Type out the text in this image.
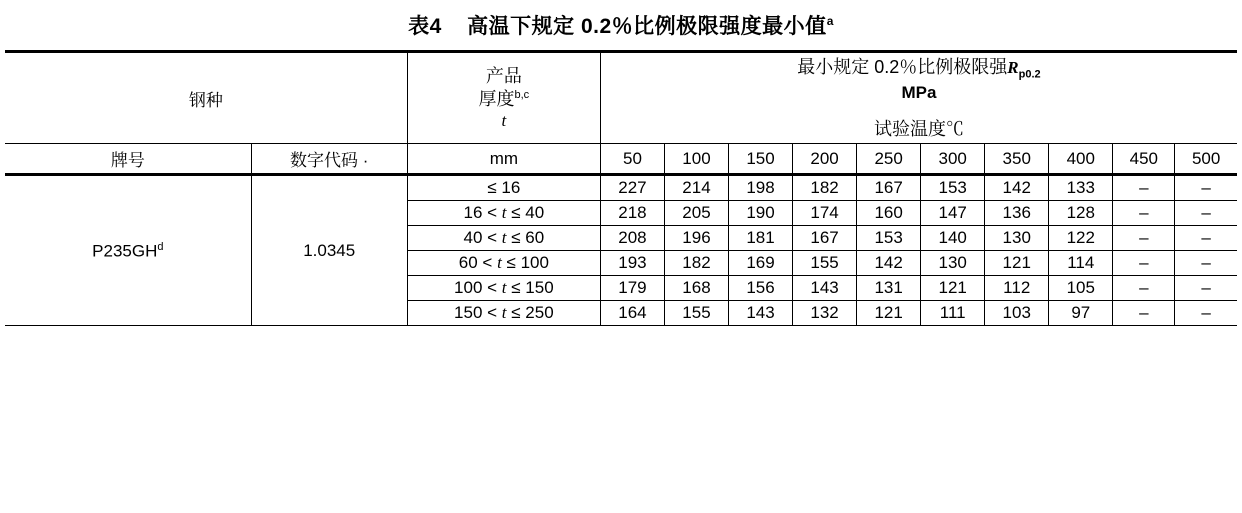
表4 高温下规定 0.2％比例极限强度最小值$^a$
钢种	
产品
厚度$^{b,c}$
t

最小规定 0.2％比例极限强$R_{p0.2}$
MPa
试验温度℃

牌号	数字代码 ·	mm	50	100	150	200	250	300	350	400	450	500
$P235GH^d$	1.0345	≤ 16	227	214	198	182	167	153	142	133	–	–
		16 < t ≤ 40	218	205	190	174	160	147	136	128	–	–
		40 < t ≤ 60	208	196	181	167	153	140	130	122	–	–
		60 < t ≤ 100	193	182	169	155	142	130	121	114	–	–
		100 < t ≤ 150	179	168	156	143	131	121	112	105	–	–
		150 < t ≤ 250	164	155	143	132	121	111	103	97	–	–
